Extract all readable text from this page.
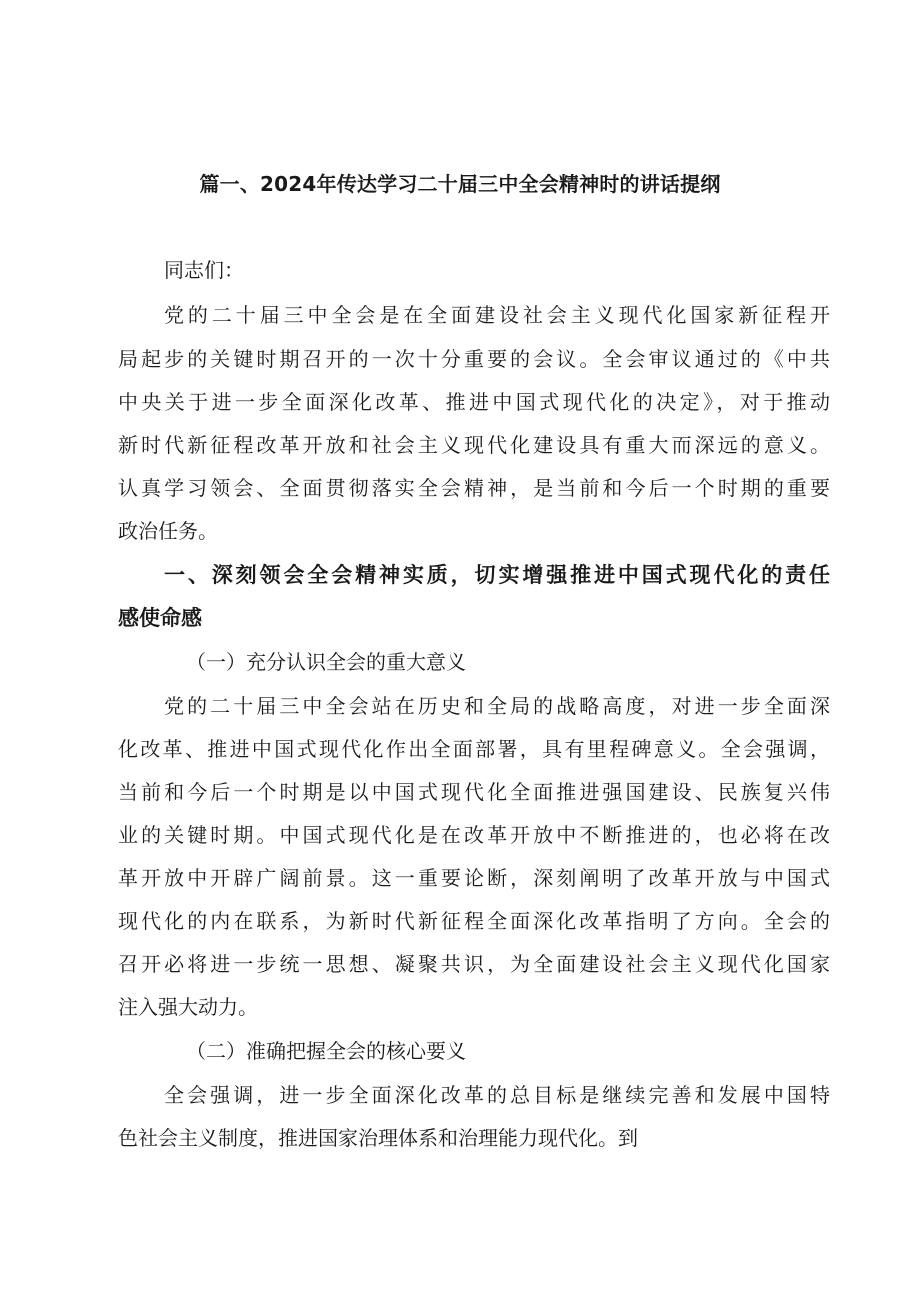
篇一、2024年传达学习二十届三中全会精神时的讲话提纲

同志们：

党的二十届三中全会是在全面建设社会主义现代化国家新征程开

局起步的关键时期召开的一次十分重要的会议。全会审议通过的《中共

中央关于进一步全面深化改革、推进中国式现代化的决定》，对于推动

新时代新征程改革开放和社会主义现代化建设具有重大而深远的意义。

认真学习领会、全面贯彻落实全会精神，是当前和今后一个时期的重要

政治任务。

一、深刻领会全会精神实质，切实增强推进中国式现代化的责任

感使命感

（一）充分认识全会的重大意义

党的二十届三中全会站在历史和全局的战略高度，对进一步全面深

化改革、推进中国式现代化作出全面部署，具有里程碑意义。全会强调，

当前和今后一个时期是以中国式现代化全面推进强国建设、民族复兴伟

业的关键时期。中国式现代化是在改革开放中不断推进的，也必将在改

革开放中开辟广阔前景。这一重要论断，深刻阐明了改革开放与中国式

现代化的内在联系，为新时代新征程全面深化改革指明了方向。全会的

召开必将进一步统一思想、凝聚共识，为全面建设社会主义现代化国家

注入强大动力。

（二）准确把握全会的核心要义

全会强调，进一步全面深化改革的总目标是继续完善和发展中国特

色社会主义制度，推进国家治理体系和治理能力现代化。到
